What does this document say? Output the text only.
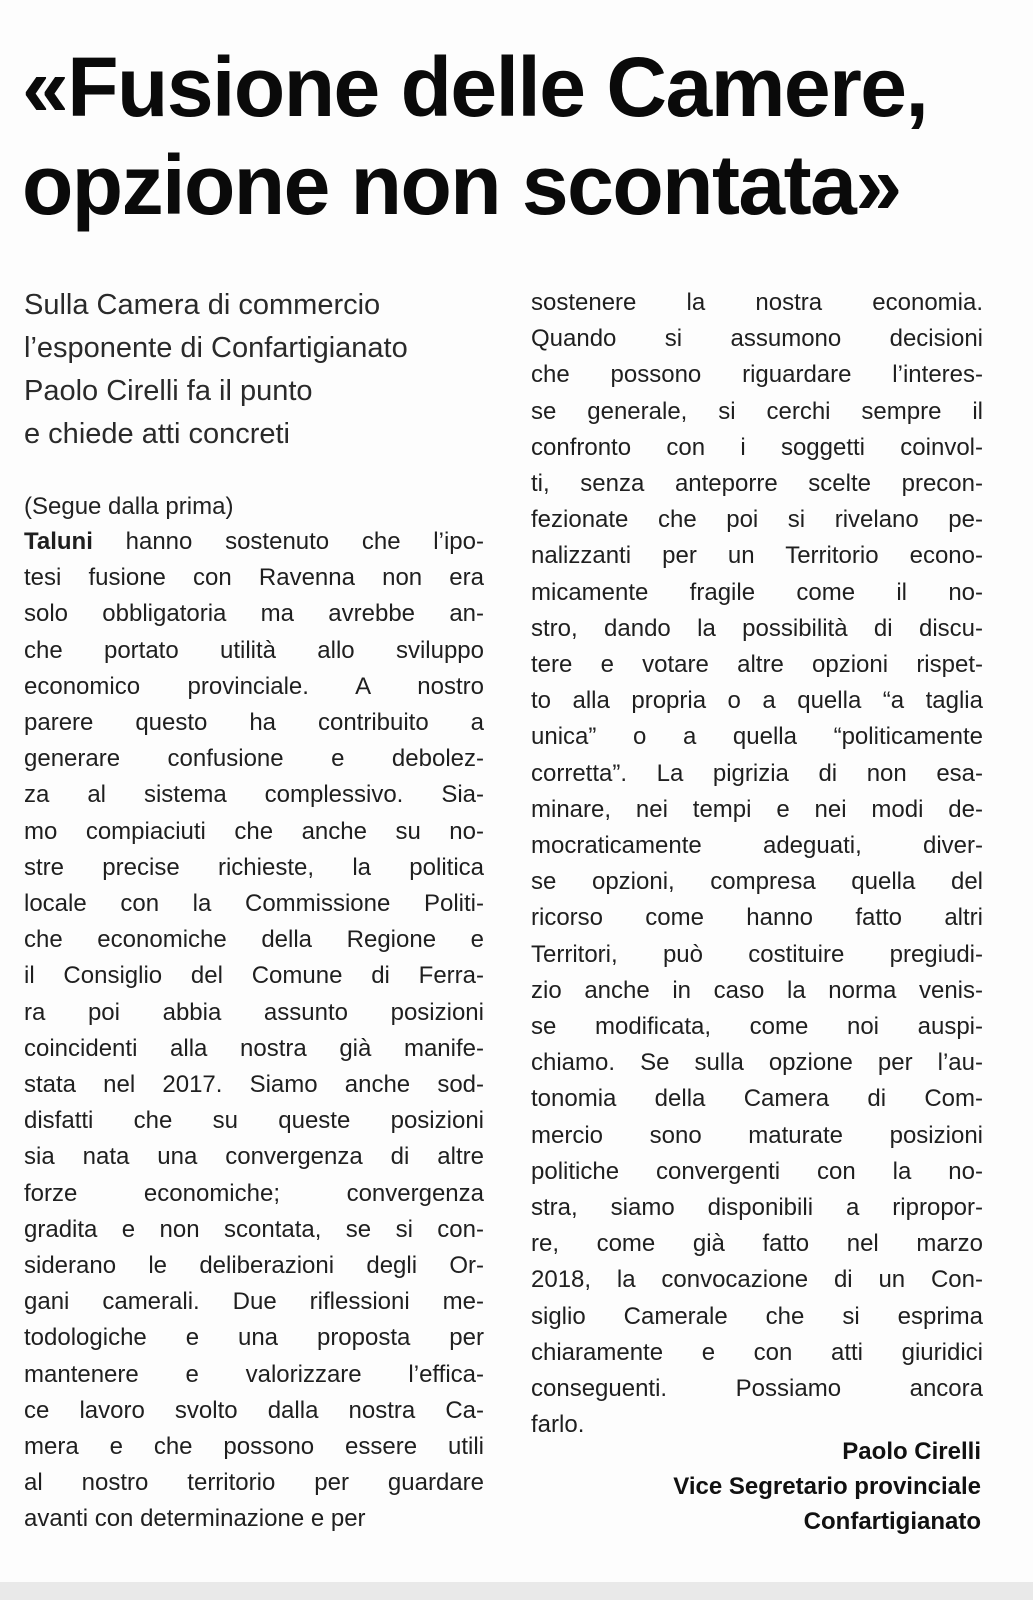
«Fusione delle Camere,
opzione non scontata»

Sulla Camera di commercio
l’esponente di Confartigianato
Paolo Cirelli fa il punto
e chiede atti concreti

(Segue dalla prima)
Taluni hanno sostenuto che l’ipo-
tesi fusione con Ravenna non era
solo obbligatoria ma avrebbe an-
che portato utilità allo sviluppo
economico provinciale. A nostro
parere questo ha contribuito a
generare confusione e debolez-
za al sistema complessivo. Sia-
mo compiaciuti che anche su no-
stre precise richieste, la politica
locale con la Commissione Politi-
che economiche della Regione e
il Consiglio del Comune di Ferra-
ra poi abbia assunto posizioni
coincidenti alla nostra già manife-
stata nel 2017. Siamo anche sod-
disfatti che su queste posizioni
sia nata una convergenza di altre
forze economiche; convergenza
gradita e non scontata, se si con-
siderano le deliberazioni degli Or-
gani camerali. Due riflessioni me-
todologiche e una proposta per
mantenere e valorizzare l’effica-
ce lavoro svolto dalla nostra Ca-
mera e che possono essere utili
al nostro territorio per guardare
avanti con determinazione e per
sostenere la nostra economia.
Quando si assumono decisioni
che possono riguardare l’interes-
se generale, si cerchi sempre il
confronto con i soggetti coinvol-
ti, senza anteporre scelte precon-
fezionate che poi si rivelano pe-
nalizzanti per un Territorio econo-
micamente fragile come il no-
stro, dando la possibilità di discu-
tere e votare altre opzioni rispet-
to alla propria o a quella “a taglia
unica” o a quella “politicamente
corretta”. La pigrizia di non esa-
minare, nei tempi e nei modi de-
mocraticamente adeguati, diver-
se opzioni, compresa quella del
ricorso come hanno fatto altri
Territori, può costituire pregiudi-
zio anche in caso la norma venis-
se modificata, come noi auspi-
chiamo. Se sulla opzione per l’au-
tonomia della Camera di Com-
mercio sono maturate posizioni
politiche convergenti con la no-
stra, siamo disponibili a ripropor-
re, come già fatto nel marzo
2018, la convocazione di un Con-
siglio Camerale che si esprima
chiaramente e con atti giuridici
conseguenti. Possiamo ancora
farlo.
Paolo Cirelli
Vice Segretario provinciale
Confartigianato
